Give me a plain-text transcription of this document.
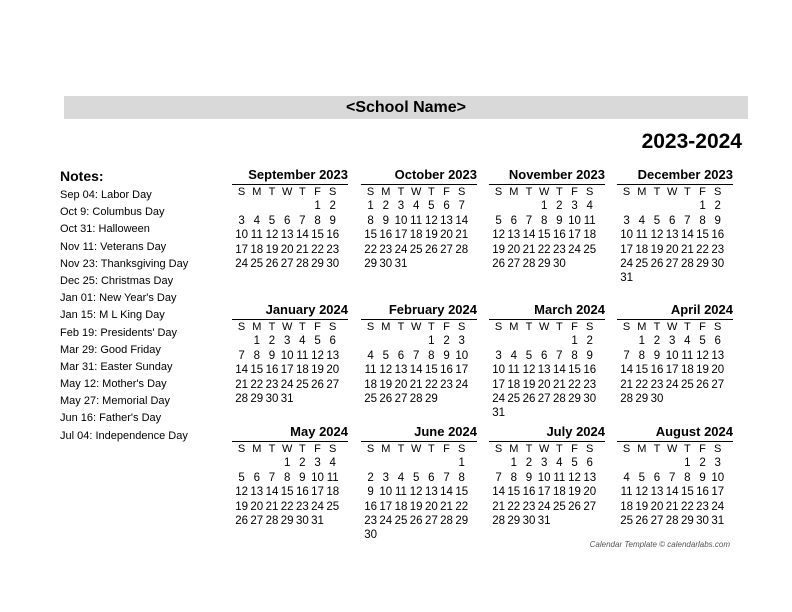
<School Name>
2023-2024
Notes:
Sep 04: Labor Day
Oct 9: Columbus Day
Oct 31: Halloween
Nov 11: Veterans Day
Nov 23: Thanksgiving Day
Dec 25: Christmas Day
Jan 01: New Year's Day
Jan 15: M L King Day
Feb 19: Presidents' Day
Mar 29: Good Friday
Mar 31: Easter Sunday
May 12: Mother's Day
May 27: Memorial Day
Jun 16: Father's Day
Jul 04: Independence Day
September 2023
S M T W T F S
1 2
3 4 5 6 7 8 9
10 11 12 13 14 15 16
17 18 19 20 21 22 23
24 25 26 27 28 29 30
October 2023
S M T W T F S
1 2 3 4 5 6 7
8 9 10 11 12 13 14
15 16 17 18 19 20 21
22 23 24 25 26 27 28
29 30 31
November 2023
S M T W T F S
1 2 3 4
5 6 7 8 9 10 11
12 13 14 15 16 17 18
19 20 21 22 23 24 25
26 27 28 29 30
December 2023
S M T W T F S
1 2
3 4 5 6 7 8 9
10 11 12 13 14 15 16
17 18 19 20 21 22 23
24 25 26 27 28 29 30
31
January 2024
S M T W T F S
1 2 3 4 5 6
7 8 9 10 11 12 13
14 15 16 17 18 19 20
21 22 23 24 25 26 27
28 29 30 31
February 2024
S M T W T F S
1 2 3
4 5 6 7 8 9 10
11 12 13 14 15 16 17
18 19 20 21 22 23 24
25 26 27 28 29
March 2024
S M T W T F S
1 2
3 4 5 6 7 8 9
10 11 12 13 14 15 16
17 18 19 20 21 22 23
24 25 26 27 28 29 30
31
April 2024
S M T W T F S
1 2 3 4 5 6
7 8 9 10 11 12 13
14 15 16 17 18 19 20
21 22 23 24 25 26 27
28 29 30
May 2024
S M T W T F S
1 2 3 4
5 6 7 8 9 10 11
12 13 14 15 16 17 18
19 20 21 22 23 24 25
26 27 28 29 30 31
June 2024
S M T W T F S
1
2 3 4 5 6 7 8
9 10 11 12 13 14 15
16 17 18 19 20 21 22
23 24 25 26 27 28 29
30
July 2024
S M T W T F S
1 2 3 4 5 6
7 8 9 10 11 12 13
14 15 16 17 18 19 20
21 22 23 24 25 26 27
28 29 30 31
August 2024
S M T W T F S
1 2 3
4 5 6 7 8 9 10
11 12 13 14 15 16 17
18 19 20 21 22 23 24
25 26 27 28 29 30 31
Calendar Template © calendarlabs.com
